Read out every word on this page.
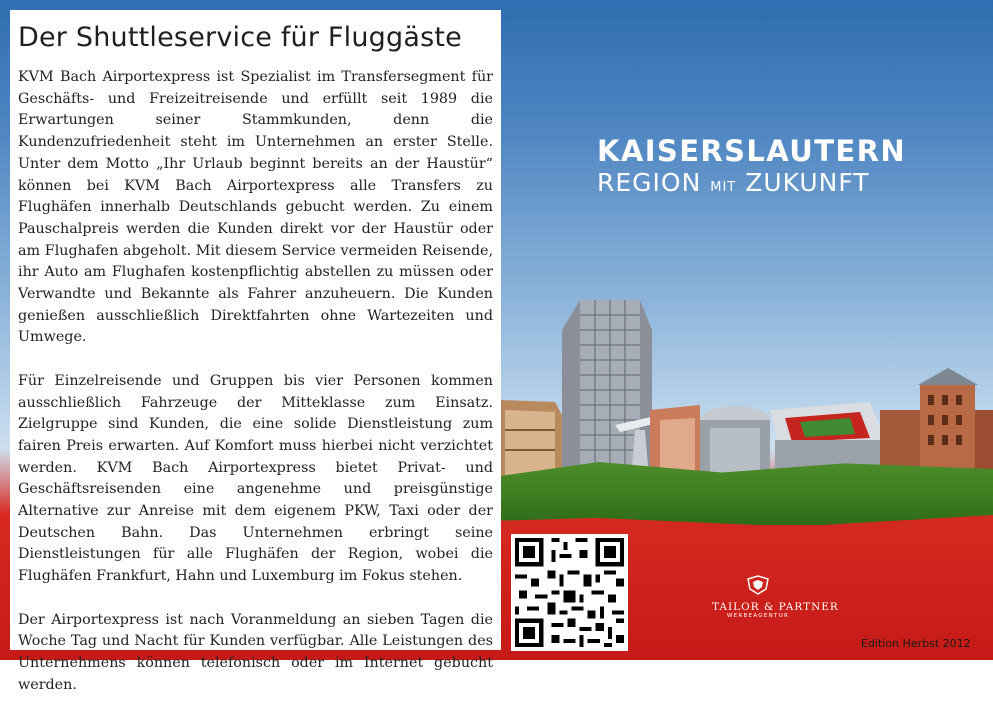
Der Shuttleservice für Fluggäste

KVM Bach Airportexpress ist Spezialist im Transfersegment für Geschäfts- und Freizeitreisende und erfüllt seit 1989 die Erwartungen seiner Stammkunden, denn die Kundenzufriedenheit steht im Unternehmen an erster Stelle. Unter dem Motto „Ihr Urlaub beginnt bereits an der Haustür“ können bei KVM Bach Airportexpress alle Transfers zu Flughäfen innerhalb Deutschlands gebucht werden. Zu einem Pauschalpreis werden die Kunden direkt vor der Haustür oder am Flughafen abgeholt. Mit diesem Service vermeiden Reisende, ihr Auto am Flughafen kostenpflichtig abstellen zu müssen oder Verwandte und Bekannte als Fahrer anzuheuern. Die Kunden genießen ausschließlich Direktfahrten ohne Wartezeiten und Umwege.

Für Einzelreisende und Gruppen bis vier Personen kommen ausschließlich Fahrzeuge der Mitteklasse zum Einsatz. Zielgruppe sind Kunden, die eine solide Dienstleistung zum fairen Preis erwarten. Auf Komfort muss hierbei nicht verzichtet werden. KVM Bach Airportexpress bietet Privat- und Geschäftsreisenden eine angenehme und preisgünstige Alternative zur Anreise mit dem eigenem PKW, Taxi oder der Deutschen Bahn. Das Unternehmen erbringt seine Dienstleistungen für alle Flughäfen der Region, wobei die Flughäfen Frankfurt, Hahn und Luxemburg im Fokus stehen.

Der Airportexpress ist nach Voranmeldung an sieben Tagen die Woche Tag und Nacht für Kunden verfügbar. Alle Leistungen des Unternehmens können telefonisch oder im Internet gebucht werden.

KAISERSLAUTERN
REGION MIT ZUKUNFT
TAILOR & PARTNER
WERBEAGENTUR
Edition Herbst 2012
